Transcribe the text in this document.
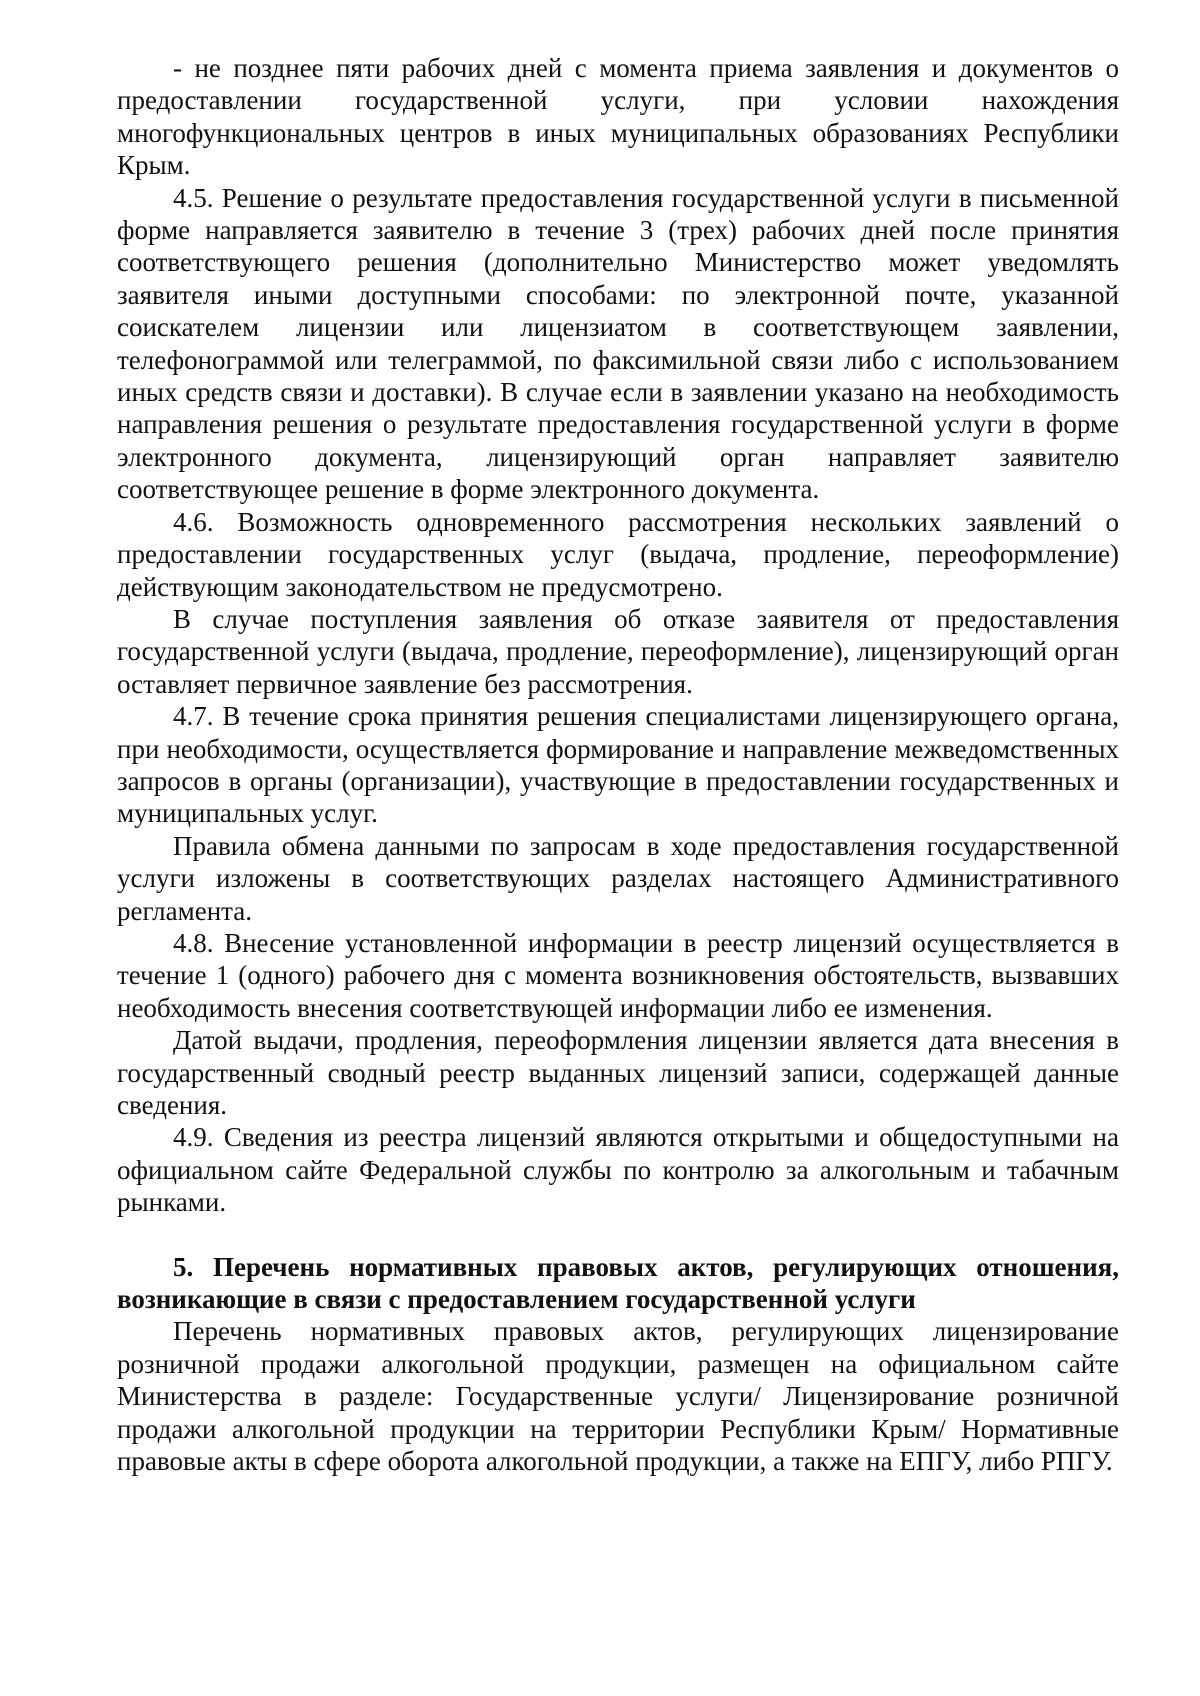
- не позднее пяти рабочих дней с момента приема заявления и документов о предоставлении государственной услуги, при условии нахождения многофункциональных центров в иных муниципальных образованиях Республики Крым.

4.5. Решение о результате предоставления государственной услуги в письменной форме направляется заявителю в течение 3 (трех) рабочих дней после принятия соответствующего решения (дополнительно Министерство может уведомлять заявителя иными доступными способами: по электронной почте, указанной соискателем лицензии или лицензиатом в соответствующем заявлении, телефонограммой или телеграммой, по факсимильной связи либо с использованием иных средств связи и доставки). В случае если в заявлении указано на необходимость направления решения о результате предоставления государственной услуги в форме электронного документа, лицензирующий орган направляет заявителю соответствующее решение в форме электронного документа.

4.6. Возможность одновременного рассмотрения нескольких заявлений о предоставлении государственных услуг (выдача, продление, переоформление) действующим законодательством не предусмотрено.

В случае поступления заявления об отказе заявителя от предоставления государственной услуги (выдача, продление, переоформление), лицензирующий орган оставляет первичное заявление без рассмотрения.

4.7. В течение срока принятия решения специалистами лицензирующего органа, при необходимости, осуществляется формирование и направление межведомственных запросов в органы (организации), участвующие в предоставлении государственных и муниципальных услуг.

Правила обмена данными по запросам в ходе предоставления государственной услуги изложены в соответствующих разделах настоящего Административного регламента.

4.8. Внесение установленной информации в реестр лицензий осуществляется в течение 1 (одного) рабочего дня с момента возникновения обстоятельств, вызвавших необходимость внесения соответствующей информации либо ее изменения.

Датой выдачи, продления, переоформления лицензии является дата внесения в государственный сводный реестр выданных лицензий записи, содержащей данные сведения.

4.9. Сведения из реестра лицензий являются открытыми и общедоступными на официальном сайте Федеральной службы по контролю за алкогольным и табачным рынками.

5. Перечень нормативных правовых актов, регулирующих отношения, возникающие в связи с предоставлением государственной услуги

Перечень нормативных правовых актов, регулирующих лицензирование розничной продажи алкогольной продукции, размещен на официальном сайте Министерства в разделе: Государственные услуги/ Лицензирование розничной продажи алкогольной продукции на территории Республики Крым/ Нормативные правовые акты в сфере оборота алкогольной продукции, а также на ЕПГУ, либо РПГУ.
